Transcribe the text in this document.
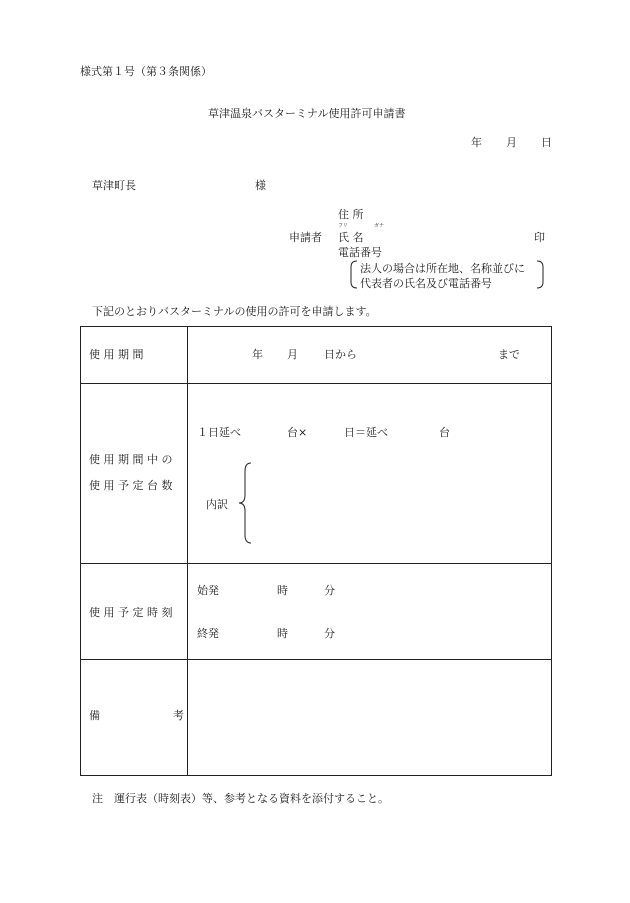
様式第１号（第３条関係）
草津温泉バスターミナル使用許可申請書
年 月 日
草津町長	様
住 所
フリ	ガナ
申請者 氏 名	印
電話番号
法人の場合は所在地、名称並びに
代表者の氏名及び電話番号
下記のとおりバスターミナルの使用の許可を申請します。
使 用 期 間	年 月 日から	まで
使 用 期 間 中 の
使 用 予 定 台 数
１日延べ	台×	日＝延べ	台
内訳
使 用 予 定 時 刻
始発	時	分
終発	時	分
備	考
注　運行表（時刻表）等、参考となる資料を添付すること。
